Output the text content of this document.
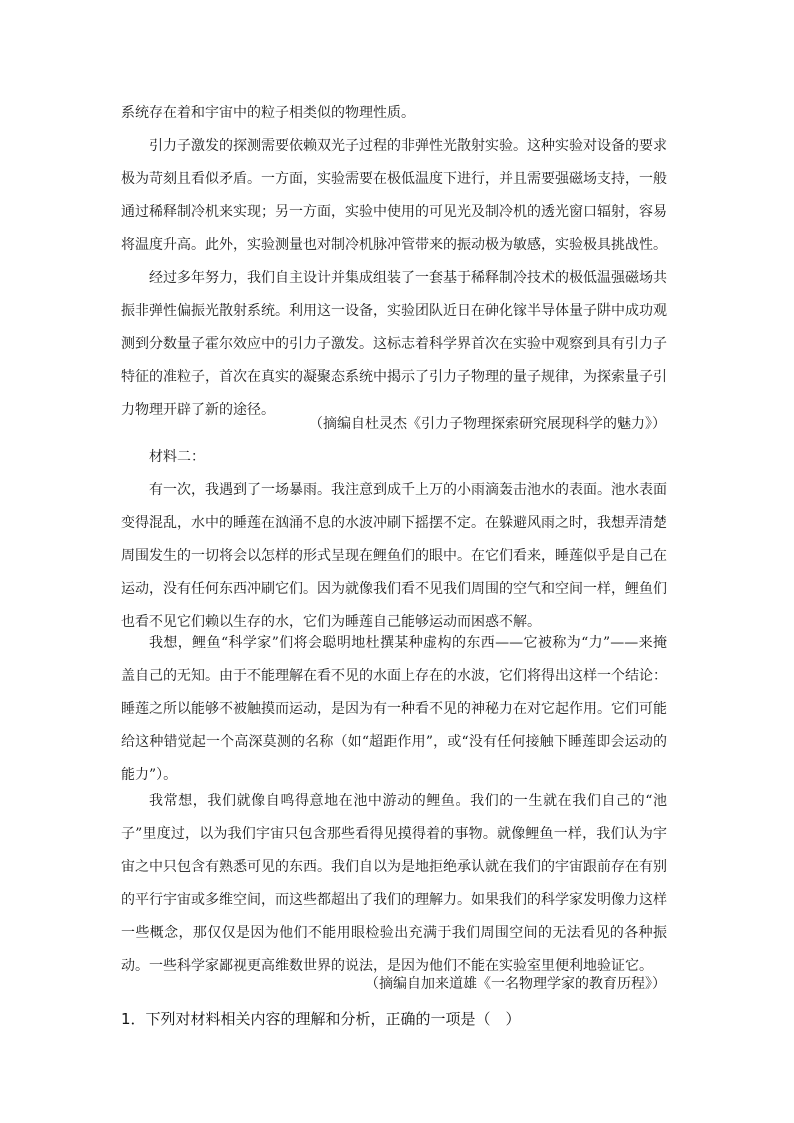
系统存在着和宇宙中的粒子相类似的物理性质。

引力子激发的探测需要依赖双光子过程的非弹性光散射实验。这种实验对设备的要求极为苛刻且看似矛盾。一方面，实验需要在极低温度下进行，并且需要强磁场支持，一般通过稀释制冷机来实现；另一方面，实验中使用的可见光及制冷机的透光窗口辐射，容易将温度升高。此外，实验测量也对制冷机脉冲管带来的振动极为敏感，实验极具挑战性。

经过多年努力，我们自主设计并集成组装了一套基于稀释制冷技术的极低温强磁场共振非弹性偏振光散射系统。利用这一设备，实验团队近日在砷化镓半导体量子阱中成功观测到分数量子霍尔效应中的引力子激发。这标志着科学界首次在实验中观察到具有引力子特征的准粒子，首次在真实的凝聚态系统中揭示了引力子物理的量子规律，为探索量子引力物理开辟了新的途径。

（摘编自杜灵杰《引力子物理探索研究展现科学的魅力》）

材料二：

有一次，我遇到了一场暴雨。我注意到成千上万的小雨滴轰击池水的表面。池水表面变得混乱，水中的睡莲在汹涌不息的水波冲刷下摇摆不定。在躲避风雨之时，我想弄清楚周围发生的一切将会以怎样的形式呈现在鲤鱼们的眼中。在它们看来，睡莲似乎是自己在运动，没有任何东西冲刷它们。因为就像我们看不见我们周围的空气和空间一样，鲤鱼们也看不见它们赖以生存的水，它们为睡莲自己能够运动而困惑不解。

我想，鲤鱼“科学家”们将会聪明地杜撰某种虚构的东西——它被称为“力”——来掩盖自己的无知。由于不能理解在看不见的水面上存在的水波，它们将得出这样一个结论：睡莲之所以能够不被触摸而运动，是因为有一种看不见的神秘力在对它起作用。它们可能给这种错觉起一个高深莫测的名称（如“超距作用”，或“没有任何接触下睡莲即会运动的能力”）。

我常想，我们就像自鸣得意地在池中游动的鲤鱼。我们的一生就在我们自己的“池子”里度过，以为我们宇宙只包含那些看得见摸得着的事物。就像鲤鱼一样，我们认为宇宙之中只包含有熟悉可见的东西。我们自以为是地拒绝承认就在我们的宇宙跟前存在有别的平行宇宙或多维空间，而这些都超出了我们的理解力。如果我们的科学家发明像力这样一些概念，那仅仅是因为他们不能用眼检验出充满于我们周围空间的无法看见的各种振动。一些科学家鄙视更高维数世界的说法，是因为他们不能在实验室里便利地验证它。

（摘编自加来道雄《一名物理学家的教育历程》）

1．下列对材料相关内容的理解和分析，正确的一项是（　）
